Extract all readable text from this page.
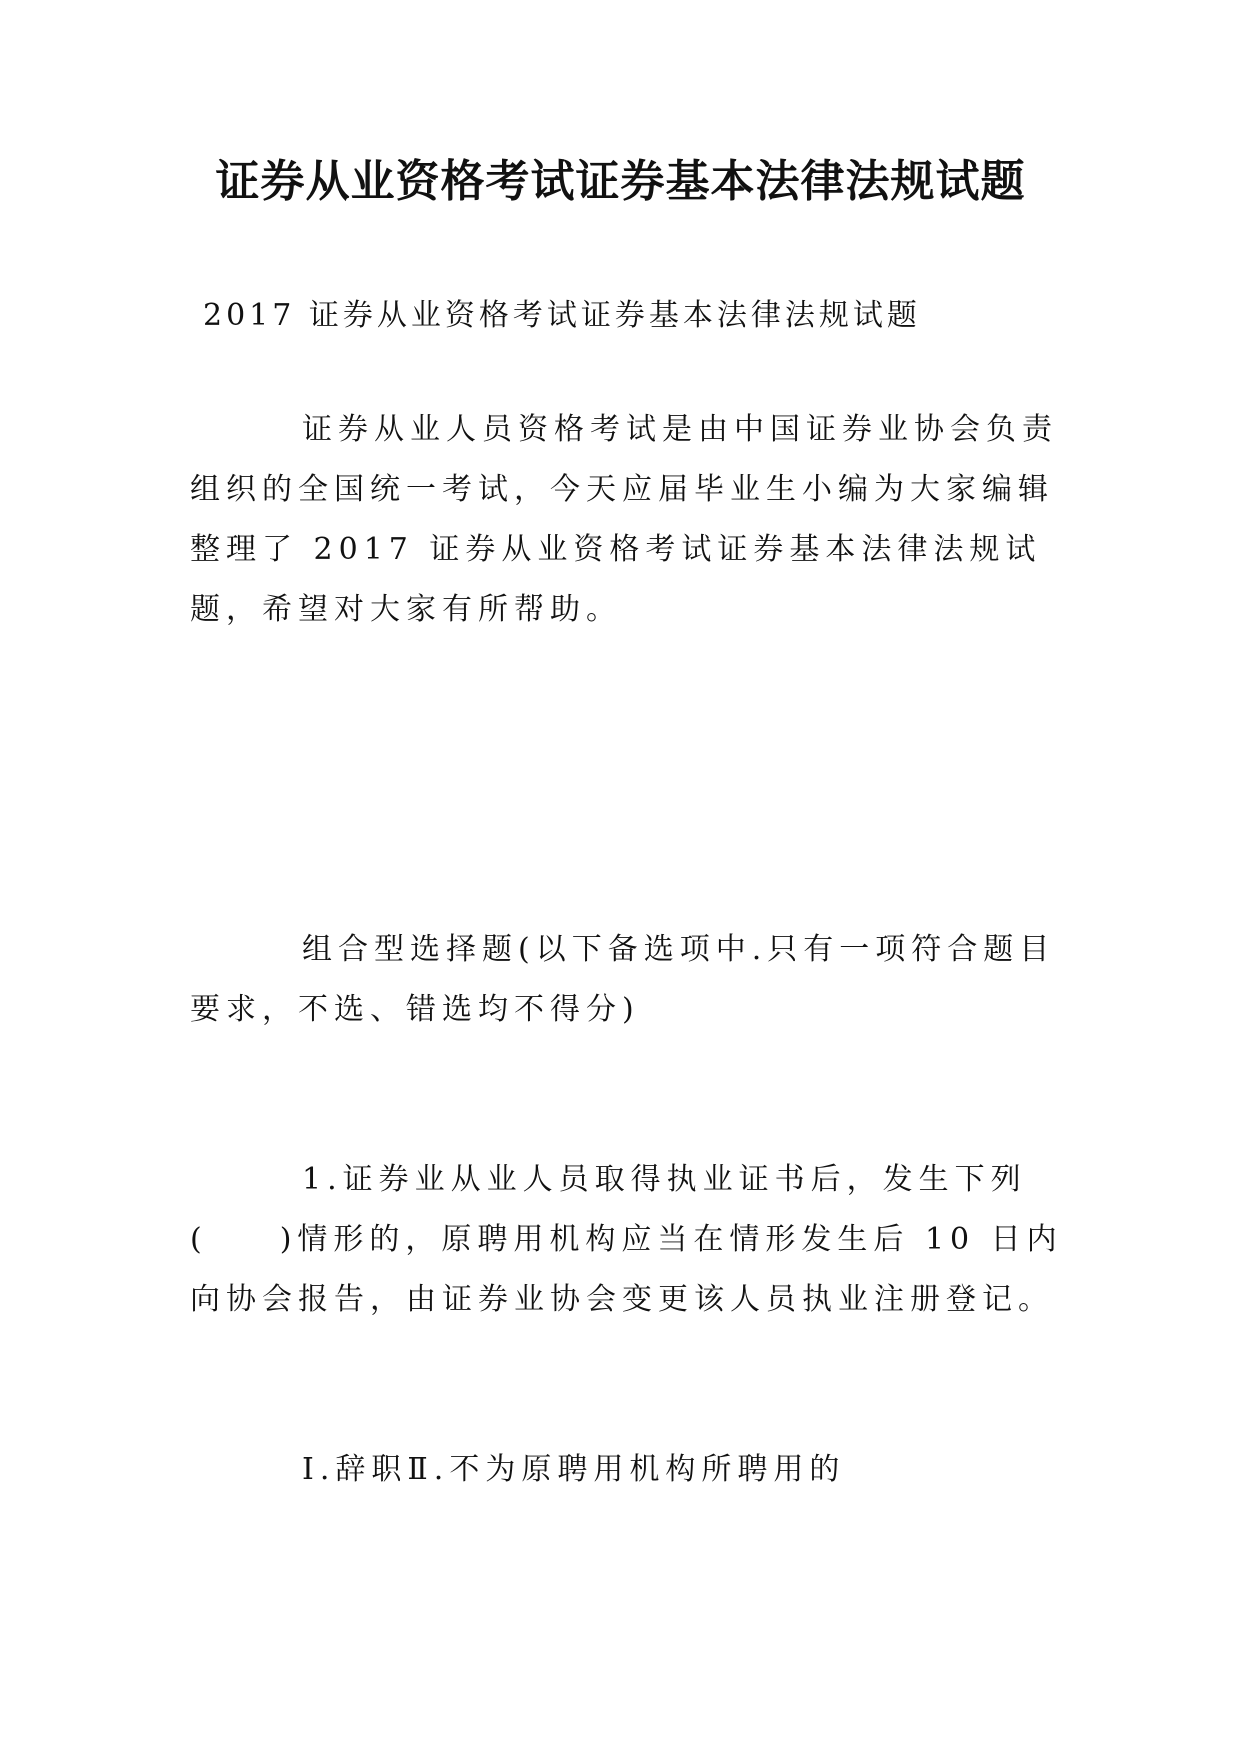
证券从业资格考试证券基本法律法规试题
2017 证券从业资格考试证券基本法律法规试题
证券从业人员资格考试是由中国证券业协会负责组织的全国统一考试，今天应届毕业生小编为大家编辑整理了 2017 证券从业资格考试证券基本法律法规试题，希望对大家有所帮助。
组合型选择题(以下备选项中.只有一项符合题目要求，不选、错选均不得分)
1.证券业从业人员取得执业证书后，发生下列(　　)情形的，原聘用机构应当在情形发生后 10 日内向协会报告，由证券业协会变更该人员执业注册登记。
Ⅰ.辞职Ⅱ.不为原聘用机构所聘用的
